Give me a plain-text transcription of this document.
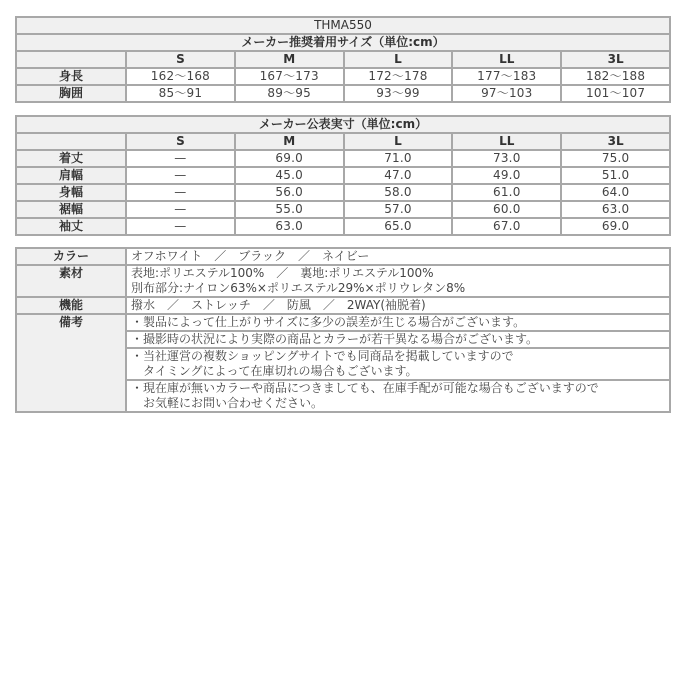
THMA550					
メーカー推奨着用サイズ（単位:cm）					
	S	M	L	LL	3L
身長	162～168	167～173	172～178	177～183	182～188
胸囲	85～91	89～95	93～99	97～103	101～107
メーカー公表実寸（単位:cm）					
	S	M	L	LL	3L
着丈	—	69.0	71.0	73.0	75.0
肩幅	—	45.0	47.0	49.0	51.0
身幅	—	56.0	58.0	61.0	64.0
裾幅	—	55.0	57.0	60.0	63.0
袖丈	—	63.0	65.0	67.0	69.0
カラー	オフホワイト　／　ブラック　／　ネイビー
素材	表地:ポリエステル100%　／　裏地:ポリエステル100%
別布部分:ナイロン63%×ポリエステル29%×ポリウレタン8%

機能	撥水　／　ストレッチ　／　防風　／　2WAY(袖脱着)
備考	・製品によって仕上がりサイズに多少の誤差が生じる場合がございます。
	・撮影時の状況により実際の商品とカラーが若干異なる場合がございます。

	・当社運営の複数ショッピングサイトでも同商品を掲載していますので
　タイミングによって在庫切れの場合もございます。

	・現在庫が無いカラーや商品につきましても、在庫手配が可能な場合もございますので
　お気軽にお問い合わせください。
